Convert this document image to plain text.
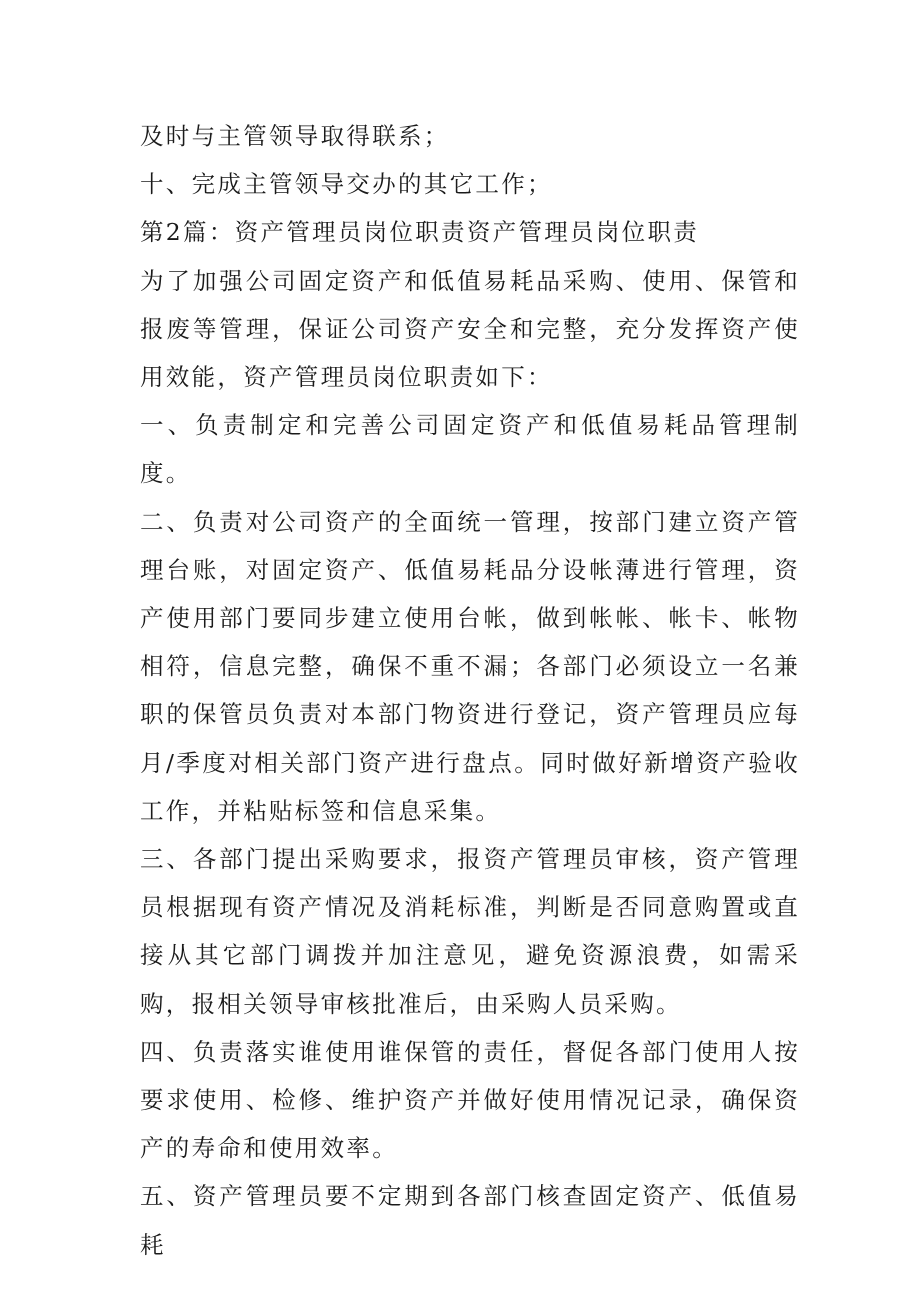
及时与主管领导取得联系；

十、完成主管领导交办的其它工作；

第2篇：资产管理员岗位职责资产管理员岗位职责

为了加强公司固定资产和低值易耗品采购、使用、保管和报废等管理，保证公司资产安全和完整，充分发挥资产使用效能，资产管理员岗位职责如下：

一、负责制定和完善公司固定资产和低值易耗品管理制度。

二、负责对公司资产的全面统一管理，按部门建立资产管理台账，对固定资产、低值易耗品分设帐薄进行管理，资产使用部门要同步建立使用台帐，做到帐帐、帐卡、帐物相符，信息完整，确保不重不漏；各部门必须设立一名兼职的保管员负责对本部门物资进行登记，资产管理员应每月/季度对相关部门资产进行盘点。同时做好新增资产验收工作，并粘贴标签和信息采集。

三、各部门提出采购要求，报资产管理员审核，资产管理员根据现有资产情况及消耗标准，判断是否同意购置或直接从其它部门调拨并加注意见，避免资源浪费，如需采购，报相关领导审核批准后，由采购人员采购。

四、负责落实谁使用谁保管的责任，督促各部门使用人按要求使用、检修、维护资产并做好使用情况记录，确保资产的寿命和使用效率。

五、资产管理员要不定期到各部门核查固定资产、低值易耗
